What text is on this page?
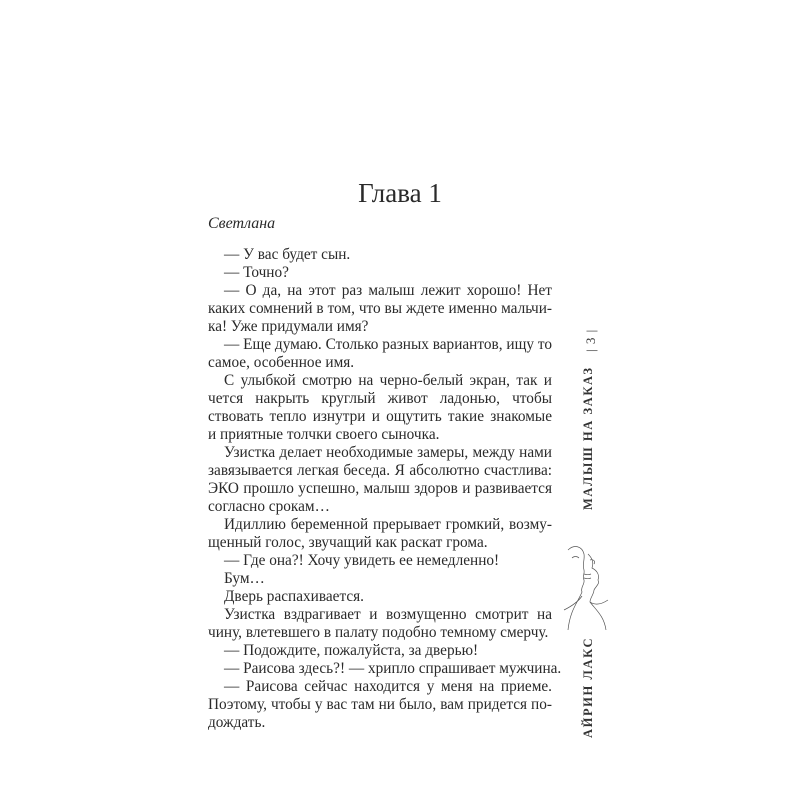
Глава 1
Светлана
— У вас будет сын.
— Точно?
— О да, на этот раз малыш лежит хорошо! Нет
каких сомнений в том, что вы ждете именно мальчи-
ка! Уже придумали имя?
— Еще думаю. Столько разных вариантов, ищу то
самое, особенное имя.
С улыбкой смотрю на черно-белый экран, так и
чется накрыть круглый живот ладонью, чтобы
ствовать тепло изнутри и ощутить такие знакомые
и приятные толчки своего сыночка.
Узистка делает необходимые замеры, между нами
завязывается легкая беседа. Я абсолютно счастлива:
ЭКО прошло успешно, малыш здоров и развивается
согласно срокам…
Идиллию беременной прерывает громкий, возму-
щенный голос, звучащий как раскат грома.
— Где она?! Хочу увидеть ее немедленно!
Бум…
Дверь распахивается.
Узистка вздрагивает и возмущенно смотрит на
чину, влетевшего в палату подобно темному смерчу.
— Подождите, пожалуйста, за дверью!
— Раисова здесь?! — хрипло спрашивает мужчина.
— Раисова сейчас находится у меня на приеме.
Поэтому, чтобы у вас там ни было, вам придется по-
дождать.
| 3 |
МАЛЫШ НА ЗАКАЗ
АЙРИН ЛАКС
